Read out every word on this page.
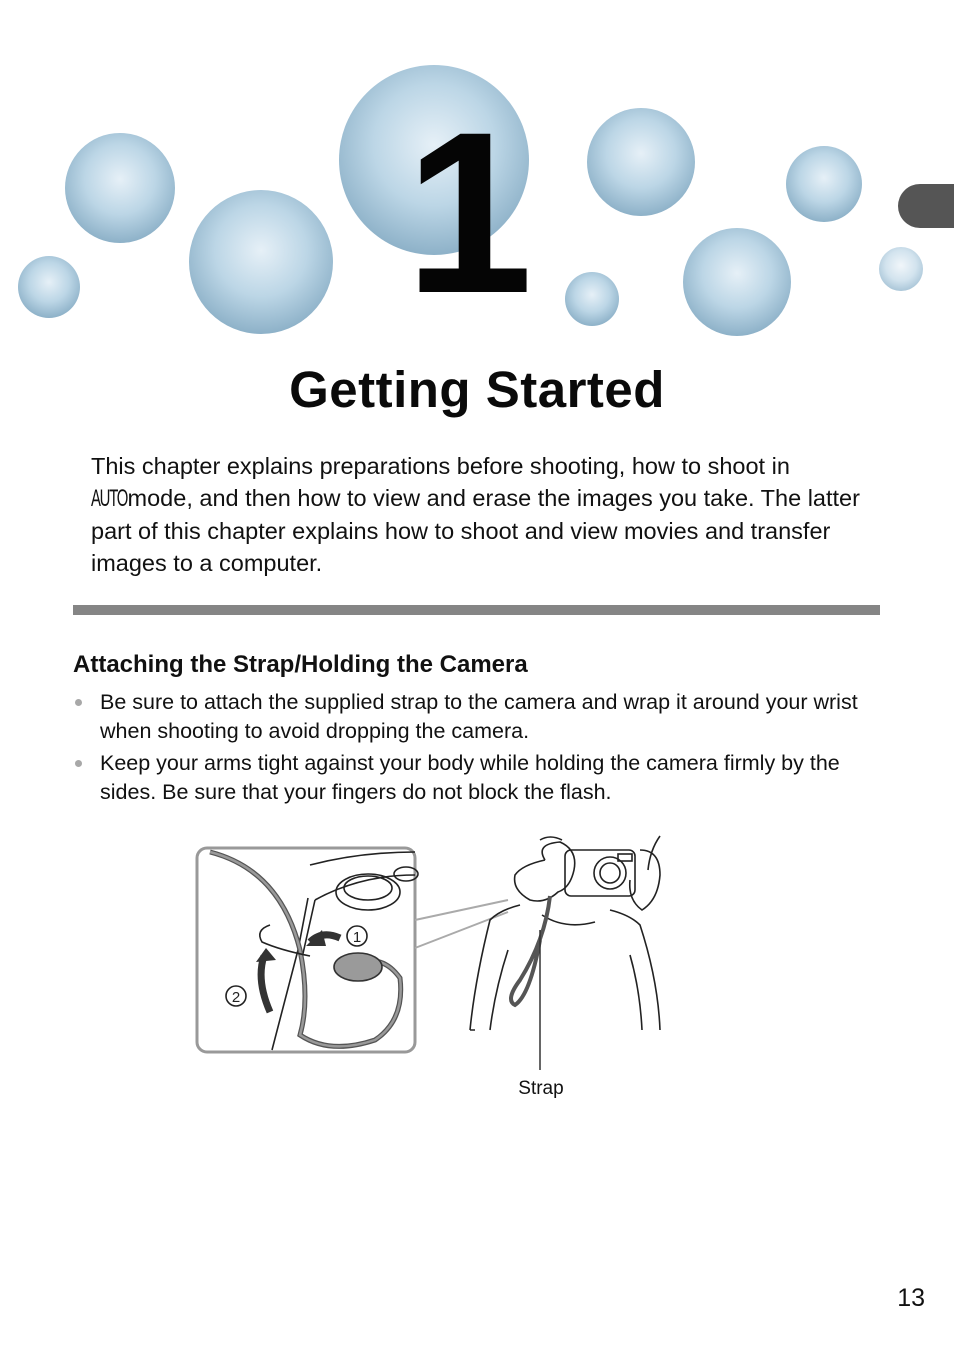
1
Getting Started

This chapter explains preparations before shooting, how to shoot in
AUTO mode, and then how to view and erase the images you take. The latter part of this chapter explains how to shoot and view movies and transfer images to a computer.

Attaching the Strap/Holding the Camera
Be sure to attach the supplied strap to the camera and wrap it around your wrist when shooting to avoid dropping the camera.
Keep your arms tight against your body while holding the camera firmly by the sides. Be sure that your fingers do not block the flash.
1
2
Strap
13
